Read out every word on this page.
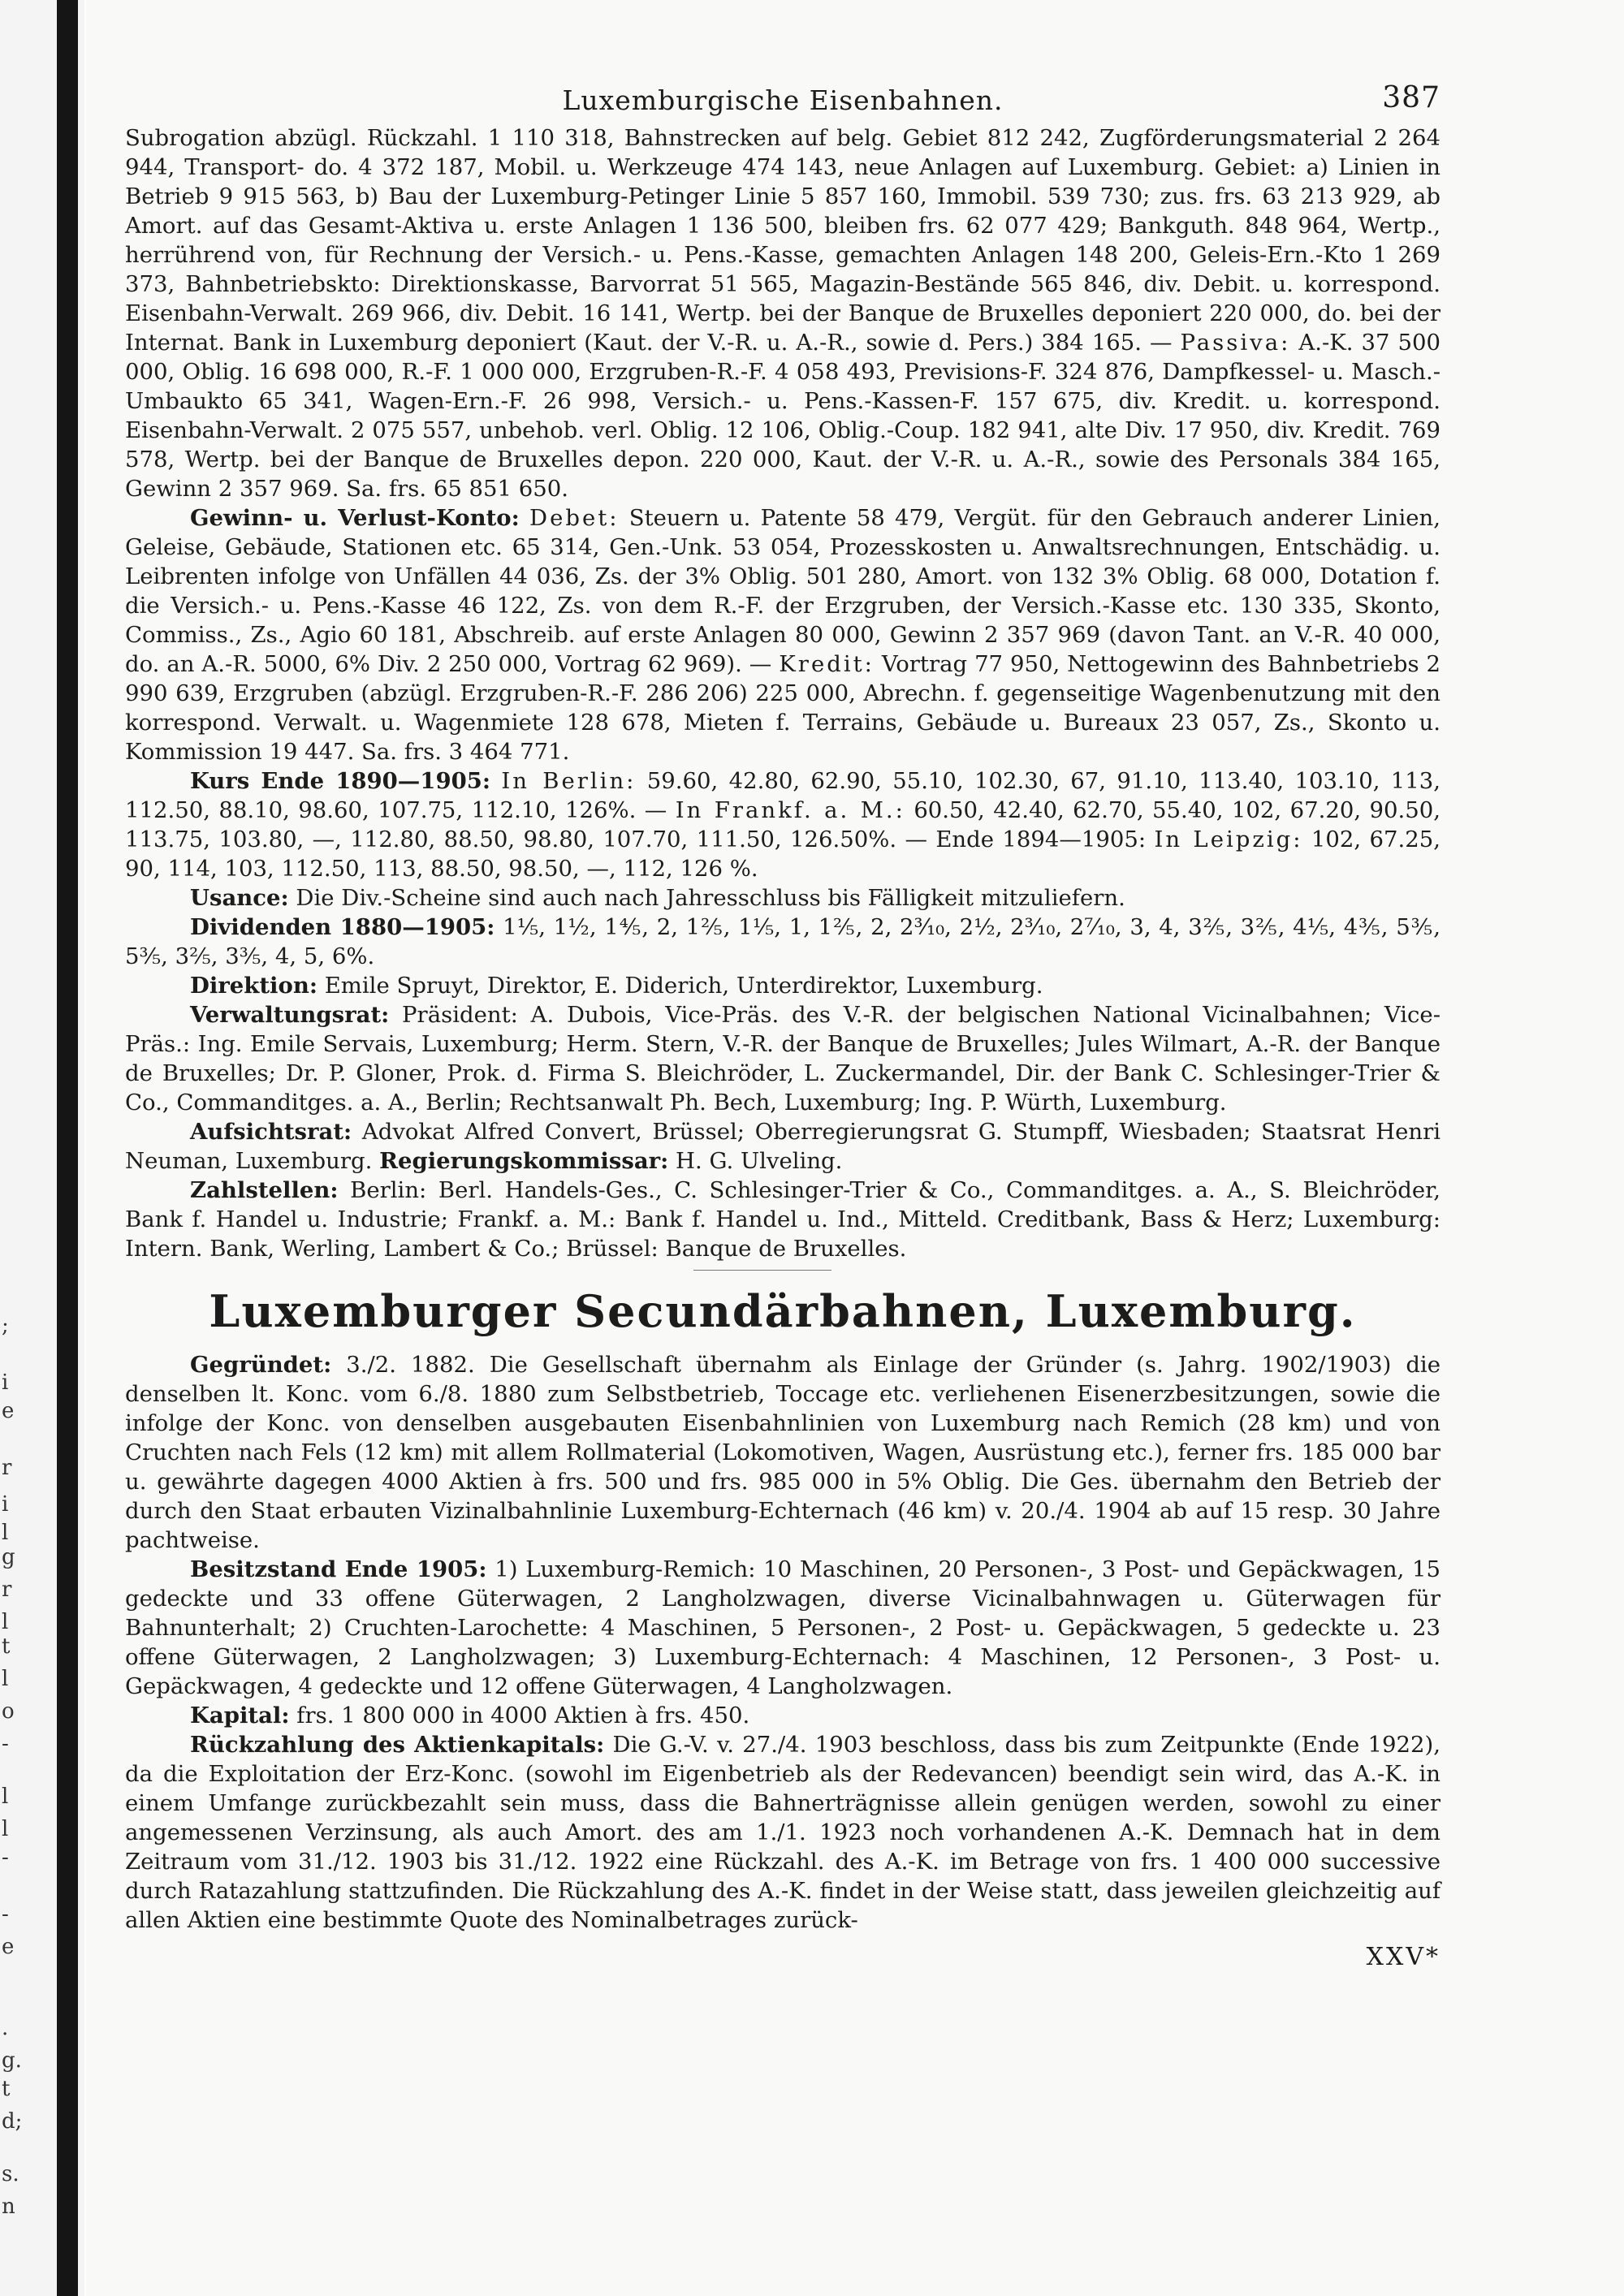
;
i
e
r
i
l
g
r
l
t
l
o
-
l
l
-
-
e
.
g.
t
d;
s.
n
Luxemburgische Eisenbahnen.	387

Subrogation abzügl. Rückzahl. 1 110 318, Bahnstrecken auf belg. Gebiet 812 242, Zugförderungsmaterial 2 264 944, Transport- do. 4 372 187, Mobil. u. Werkzeuge 474 143, neue Anlagen auf Luxemburg. Gebiet: a) Linien in Betrieb 9 915 563, b) Bau der Luxemburg-Petinger Linie 5 857 160, Immobil. 539 730; zus. frs. 63 213 929, ab Amort. auf das Gesamt-Aktiva u. erste Anlagen 1 136 500, bleiben frs. 62 077 429; Bankguth. 848 964, Wertp., herrührend von, für Rechnung der Versich.- u. Pens.-Kasse, gemachten Anlagen 148 200, Geleis-Ern.-Kto 1 269 373, Bahnbetriebskto: Direktionskasse, Barvorrat 51 565, Magazin-Bestände 565 846, div. Debit. u. korrespond. Eisenbahn-Verwalt. 269 966, div. Debit. 16 141, Wertp. bei der Banque de Bruxelles deponiert 220 000, do. bei der Internat. Bank in Luxemburg deponiert (Kaut. der V.-R. u. A.-R., sowie d. Pers.) 384 165. — Passiva: A.-K. 37 500 000, Oblig. 16 698 000, R.-F. 1 000 000, Erzgruben-R.-F. 4 058 493, Previsions-F. 324 876, Dampfkessel- u. Masch.-Umbaukto 65 341, Wagen-Ern.-F. 26 998, Versich.- u. Pens.-Kassen-F. 157 675, div. Kredit. u. korrespond. Eisenbahn-Verwalt. 2 075 557, unbehob. verl. Oblig. 12 106, Oblig.-Coup. 182 941, alte Div. 17 950, div. Kredit. 769 578, Wertp. bei der Banque de Bruxelles depon. 220 000, Kaut. der V.-R. u. A.-R., sowie des Personals 384 165, Gewinn 2 357 969. Sa. frs. 65 851 650.

Gewinn- u. Verlust-Konto: Debet: Steuern u. Patente 58 479, Vergüt. für den Gebrauch anderer Linien, Geleise, Gebäude, Stationen etc. 65 314, Gen.-Unk. 53 054, Prozesskosten u. Anwaltsrechnungen, Entschädig. u. Leibrenten infolge von Unfällen 44 036, Zs. der 3% Oblig. 501 280, Amort. von 132 3% Oblig. 68 000, Dotation f. die Versich.- u. Pens.-Kasse 46 122, Zs. von dem R.-F. der Erzgruben, der Versich.-Kasse etc. 130 335, Skonto, Commiss., Zs., Agio 60 181, Abschreib. auf erste Anlagen 80 000, Gewinn 2 357 969 (davon Tant. an V.-R. 40 000, do. an A.-R. 5000, 6% Div. 2 250 000, Vortrag 62 969). — Kredit: Vortrag 77 950, Nettogewinn des Bahnbetriebs 2 990 639, Erzgruben (abzügl. Erzgruben-R.-F. 286 206) 225 000, Abrechn. f. gegenseitige Wagenbenutzung mit den korrespond. Verwalt. u. Wagenmiete 128 678, Mieten f. Terrains, Gebäude u. Bureaux 23 057, Zs., Skonto u. Kommission 19 447. Sa. frs. 3 464 771.

Kurs Ende 1890—1905: In Berlin: 59.60, 42.80, 62.90, 55.10, 102.30, 67, 91.10, 113.40, 103.10, 113, 112.50, 88.10, 98.60, 107.75, 112.10, 126%. — In Frankf. a. M.: 60.50, 42.40, 62.70, 55.40, 102, 67.20, 90.50, 113.75, 103.80, —, 112.80, 88.50, 98.80, 107.70, 111.50, 126.50%. — Ende 1894—1905: In Leipzig: 102, 67.25, 90, 114, 103, 112.50, 113, 88.50, 98.50, —, 112, 126 %.

Usance: Die Div.-Scheine sind auch nach Jahresschluss bis Fälligkeit mitzuliefern.

Dividenden 1880—1905: 1⅕, 1½, 1⅘, 2, 1⅖, 1⅕, 1, 1⅖, 2, 2³⁄₁₀, 2½, 2³⁄₁₀, 2⁷⁄₁₀, 3, 4, 3⅖, 3⅖, 4⅕, 4⅗, 5⅗, 5⅗, 3⅖, 3⅗, 4, 5, 6%.

Direktion: Emile Spruyt, Direktor, E. Diderich, Unterdirektor, Luxemburg.

Verwaltungsrat: Präsident: A. Dubois, Vice-Präs. des V.-R. der belgischen National Vicinalbahnen; Vice-Präs.: Ing. Emile Servais, Luxemburg; Herm. Stern, V.-R. der Banque de Bruxelles; Jules Wilmart, A.-R. der Banque de Bruxelles; Dr. P. Gloner, Prok. d. Firma S. Bleichröder, L. Zuckermandel, Dir. der Bank C. Schlesinger-Trier & Co., Commanditges. a. A., Berlin; Rechtsanwalt Ph. Bech, Luxemburg; Ing. P. Würth, Luxemburg.

Aufsichtsrat: Advokat Alfred Convert, Brüssel; Oberregierungsrat G. Stumpff, Wiesbaden; Staatsrat Henri Neuman, Luxemburg. Regierungskommissar: H. G. Ulveling.

Zahlstellen: Berlin: Berl. Handels-Ges., C. Schlesinger-Trier & Co., Commanditges. a. A., S. Bleichröder, Bank f. Handel u. Industrie; Frankf. a. M.: Bank f. Handel u. Ind., Mitteld. Creditbank, Bass & Herz; Luxemburg: Intern. Bank, Werling, Lambert & Co.; Brüssel: Banque de Bruxelles.

Luxemburger Secundärbahnen, Luxemburg.

Gegründet: 3./2. 1882. Die Gesellschaft übernahm als Einlage der Gründer (s. Jahrg. 1902/1903) die denselben lt. Konc. vom 6./8. 1880 zum Selbstbetrieb, Toccage etc. verliehenen Eisenerzbesitzungen, sowie die infolge der Konc. von denselben ausgebauten Eisenbahnlinien von Luxemburg nach Remich (28 km) und von Cruchten nach Fels (12 km) mit allem Rollmaterial (Lokomotiven, Wagen, Ausrüstung etc.), ferner frs. 185 000 bar u. gewährte dagegen 4000 Aktien à frs. 500 und frs. 985 000 in 5% Oblig. Die Ges. übernahm den Betrieb der durch den Staat erbauten Vizinalbahnlinie Luxemburg-Echternach (46 km) v. 20./4. 1904 ab auf 15 resp. 30 Jahre pachtweise.

Besitzstand Ende 1905: 1) Luxemburg-Remich: 10 Maschinen, 20 Personen-, 3 Post- und Gepäckwagen, 15 gedeckte und 33 offene Güterwagen, 2 Langholzwagen, diverse Vicinalbahnwagen u. Güterwagen für Bahnunterhalt; 2) Cruchten-Larochette: 4 Maschinen, 5 Personen-, 2 Post- u. Gepäckwagen, 5 gedeckte u. 23 offene Güterwagen, 2 Langholzwagen; 3) Luxemburg-Echternach: 4 Maschinen, 12 Personen-, 3 Post- u. Gepäckwagen, 4 gedeckte und 12 offene Güterwagen, 4 Langholzwagen.

Kapital: frs. 1 800 000 in 4000 Aktien à frs. 450.

Rückzahlung des Aktienkapitals: Die G.-V. v. 27./4. 1903 beschloss, dass bis zum Zeitpunkte (Ende 1922), da die Exploitation der Erz-Konc. (sowohl im Eigenbetrieb als der Redevancen) beendigt sein wird, das A.-K. in einem Umfange zurückbezahlt sein muss, dass die Bahnerträgnisse allein genügen werden, sowohl zu einer angemessenen Verzinsung, als auch Amort. des am 1./1. 1923 noch vorhandenen A.-K. Demnach hat in dem Zeitraum vom 31./12. 1903 bis 31./12. 1922 eine Rückzahl. des A.-K. im Betrage von frs. 1 400 000 successive durch Ratazahlung stattzufinden. Die Rückzahlung des A.-K. findet in der Weise statt, dass jeweilen gleichzeitig auf allen Aktien eine bestimmte Quote des Nominalbetrages zurück-

XXV*
